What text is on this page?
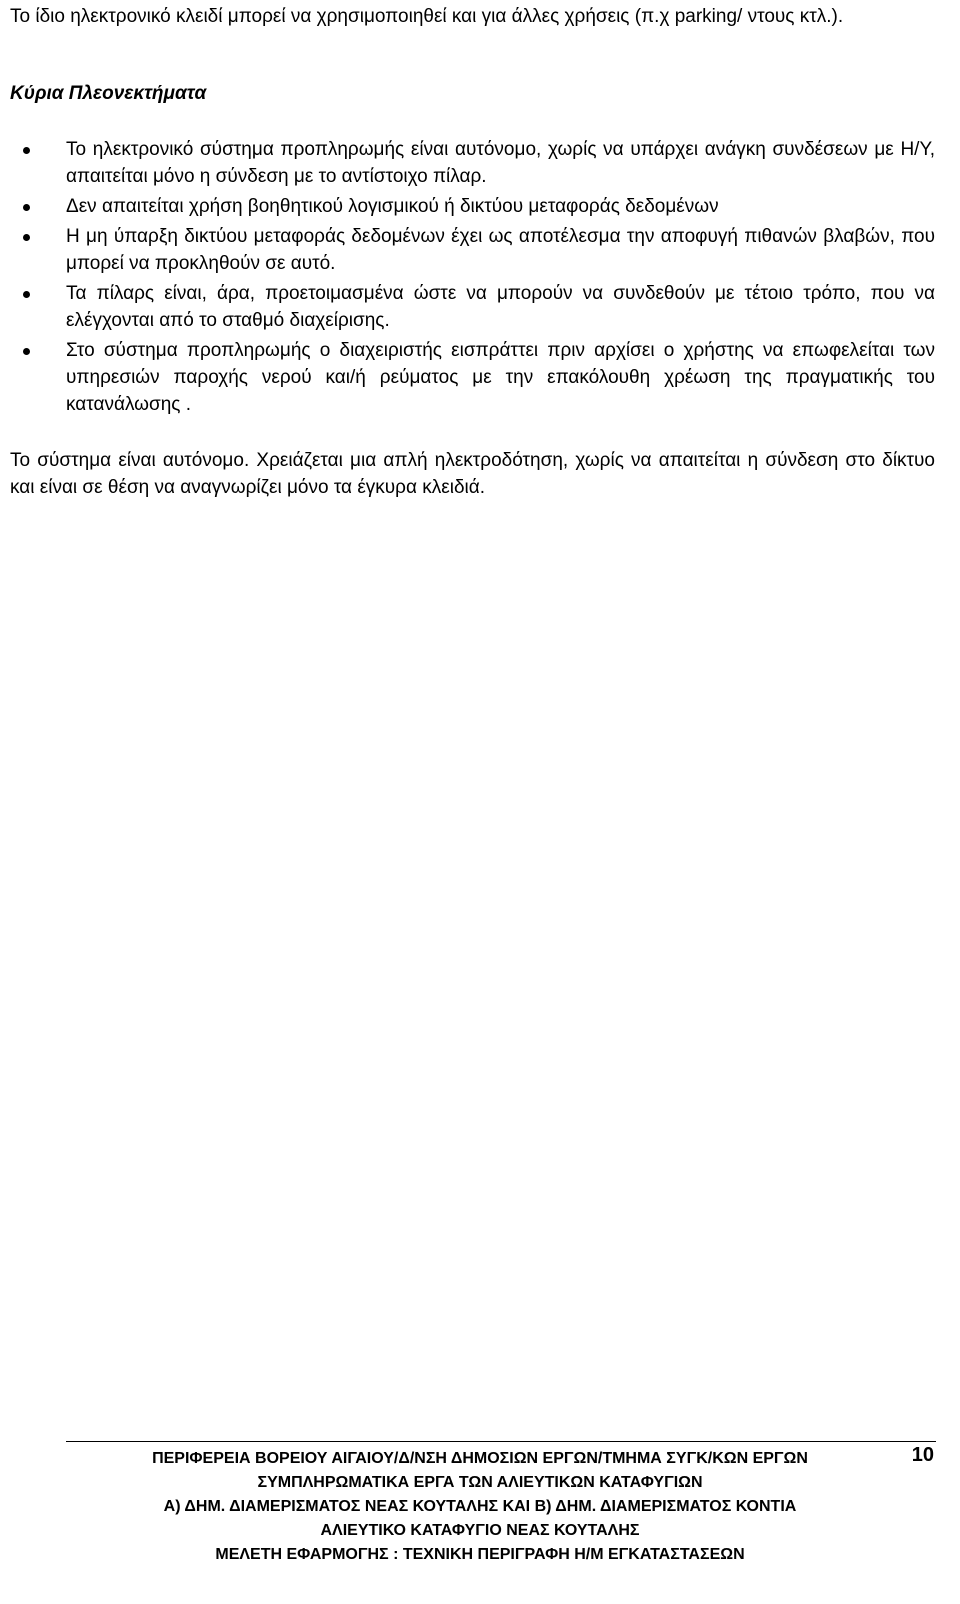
Το ίδιο ηλεκτρονικό κλειδί μπορεί να χρησιμοποιηθεί και για άλλες χρήσεις (π.χ parking/ ντους κτλ.).

Κύρια Πλεονεκτήματα
Το ηλεκτρονικό σύστημα προπληρωμής είναι αυτόνομο, χωρίς να υπάρχει ανάγκη συνδέσεων με Η/Υ, απαιτείται μόνο η σύνδεση με το αντίστοιχο πίλαρ.
Δεν απαιτείται χρήση βοηθητικού λογισμικού ή δικτύου μεταφοράς δεδομένων
Η μη ύπαρξη δικτύου μεταφοράς δεδομένων έχει ως αποτέλεσμα την αποφυγή πιθανών βλαβών, που μπορεί να προκληθούν σε αυτό.
Τα πίλαρς είναι, άρα, προετοιμασμένα ώστε να μπορούν να συνδεθούν με τέτοιο τρόπο, που να ελέγχονται από το σταθμό διαχείρισης.
Στο σύστημα προπληρωμής ο διαχειριστής εισπράττει πριν αρχίσει ο χρήστης να επωφελείται των υπηρεσιών παροχής νερού και/ή ρεύματος με την επακόλουθη χρέωση της πραγματικής του κατανάλωσης .

Το σύστημα είναι αυτόνομο. Χρειάζεται μια απλή ηλεκτροδότηση, χωρίς να απαιτείται η σύνδεση στο δίκτυο και είναι σε θέση να αναγνωρίζει μόνο τα έγκυρα κλειδιά.

10
ΠΕΡΙΦΕΡΕΙΑ ΒΟΡΕΙΟΥ ΑΙΓΑΙΟΥ/Δ/ΝΣΗ ΔΗΜΟΣΙΩΝ ΕΡΓΩΝ/ΤΜΗΜΑ ΣΥΓΚ/ΚΩΝ ΕΡΓΩΝ
ΣΥΜΠΛΗΡΩΜΑΤΙΚΑ ΕΡΓΑ ΤΩΝ ΑΛΙΕΥΤΙΚΩΝ ΚΑΤΑΦΥΓΙΩΝ
Α) ΔΗΜ. ΔΙΑΜΕΡΙΣΜΑΤΟΣ ΝΕΑΣ ΚΟΥΤΑΛΗΣ ΚΑΙ Β) ΔΗΜ. ΔΙΑΜΕΡΙΣΜΑΤΟΣ ΚΟΝΤΙΑ
ΑΛΙΕΥΤΙΚΟ ΚΑΤΑΦΥΓΙΟ ΝΕΑΣ ΚΟΥΤΑΛΗΣ
ΜΕΛΕΤΗ ΕΦΑΡΜΟΓΗΣ : ΤΕΧΝΙΚΗ ΠΕΡΙΓΡΑΦΗ Η/Μ ΕΓΚΑΤΑΣΤΑΣΕΩΝ
